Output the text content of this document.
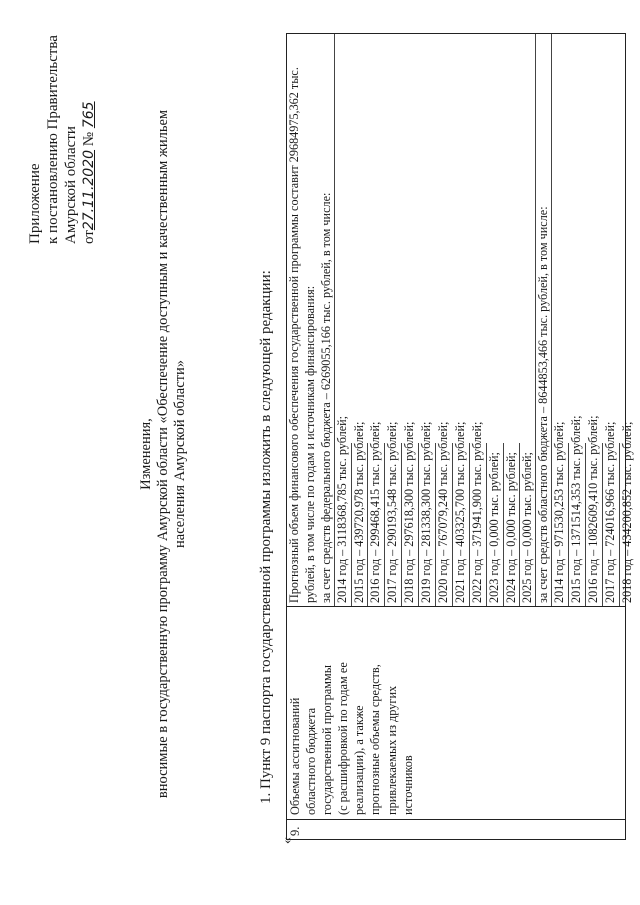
Приложение к постановлению Правительства Амурской области от27.11.2020 № 765
Изменения, вносимые в государственную программу Амурской области «Обеспечение доступным и качественным жильем населения Амурской области»	1. Пункт 9 паспорта государственной программы изложить в следующей редакции:
«
9.
Объемы ассигнований областного бюджета государственной программы (с расшифровкой по годам ее реализации), а также прогнозные объемы средств, привлекаемых из других источников
Прогнозный объем финансового обеспечения государственной программы составит 29684975,362 тыс. рублей, в том числе по годам и источникам финансирования: за счет средств федерального бюджета – 6269055,166 тыс. рублей, в том числе: 2014 год – 3118368,785 тыс. рублей; 2015 год – 439720,978 тыс. рублей; 2016 год – 299468,415 тыс. рублей; 2017 год – 290193,548 тыс. рублей; 2018 год – 297618,300 тыс. рублей; 2019 год – 281338,300 тыс. рублей; 2020 год – 767079,240 тыс. рублей; 2021 год – 403325,700 тыс. рублей; 2022 год – 371941,900 тыс. рублей; 2023 год – 0,000 тыс. рублей; 2024 год – 0,000 тыс. рублей; 2025 год – 0,000 тыс. рублей; за счет средств областного бюджета – 8644853,466 тыс. рублей, в том числе: 2014 год – 971530,253 тыс. рублей; 2015 год – 1371514,353 тыс. рублей; 2016 год – 1082609,410 тыс. рублей; 2017 год – 724016,966 тыс. рублей; 2018 год – 434200,852 тыс. рублей;
